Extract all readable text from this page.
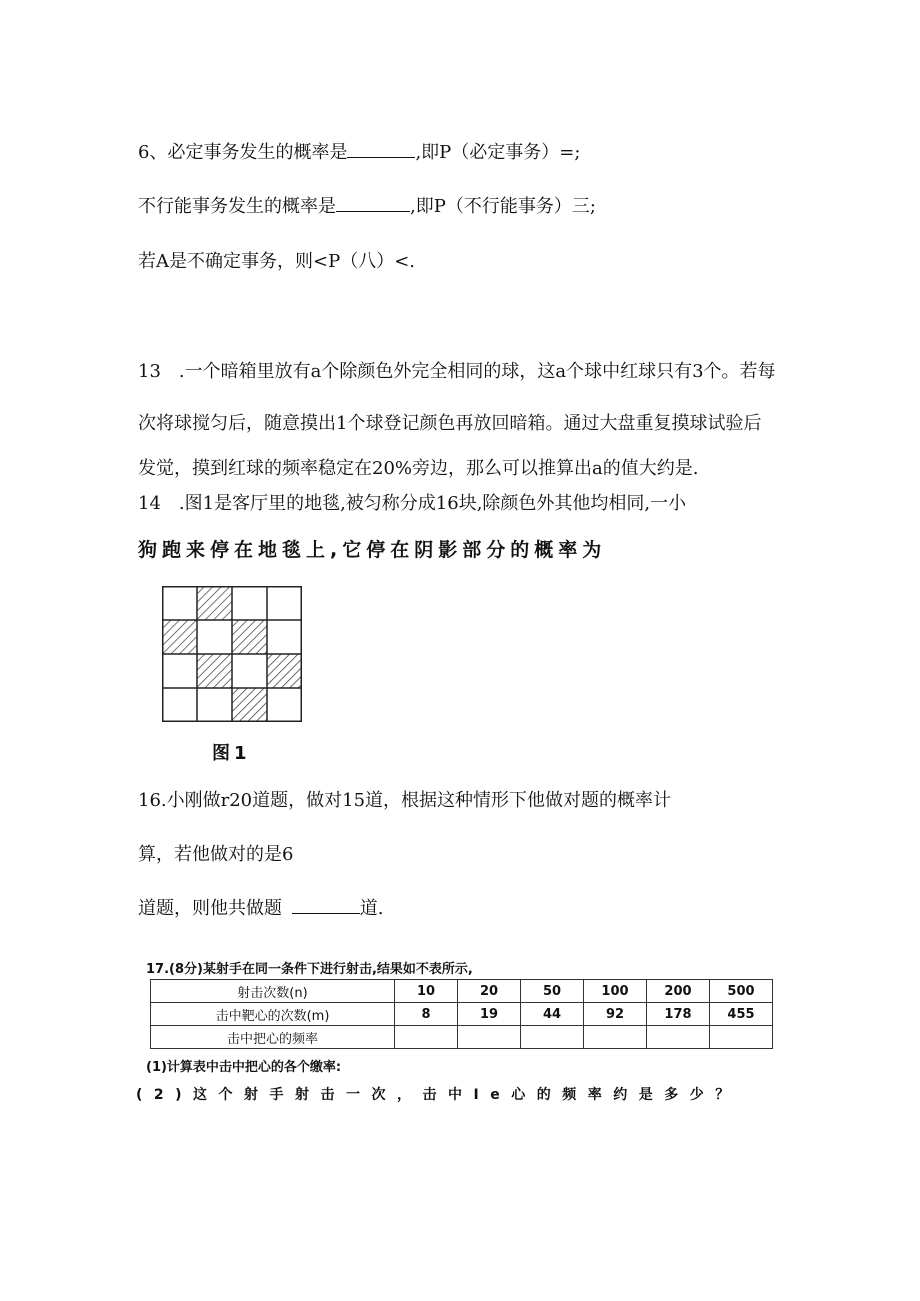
6、必定事务发生的概率是	,即P（必定事务）=;
不行能事务发生的概率是	,即P（不行能事务）三;
若A是不确定事务，则<P（八）<.
13　.一个暗箱里放有a个除颜色外完全相同的球，这a个球中红球只有3个。若每
次将球搅匀后，随意摸出1个球登记颜色再放回暗箱。通过大盘重复摸球试验后
发觉，摸到红球的频率稳定在20%旁边，那么可以推算出a的值大约是.
14　.图1是客厅里的地毯,被匀称分成16块,除颜色外其他均相同,一小
狗跑来停在地毯上,它停在阴影部分的概率为
图1
16.小刚做r20道题，做对15道，根据这种情形下他做对题的概率计
算，若他做对的是6
道题，则他共做题	道.
17.(8分)某射手在同一条件下进行射击,结果如不表所示,
射击次数(n)	10	20	50	100	200	500
击中靶心的次数(m)	8	19	44	92	178	455
击中把心的频率						
(1)计算表中击中把心的各个缴率:
(2)这个射手射击一次，击中Ie心的频率约是多少？
